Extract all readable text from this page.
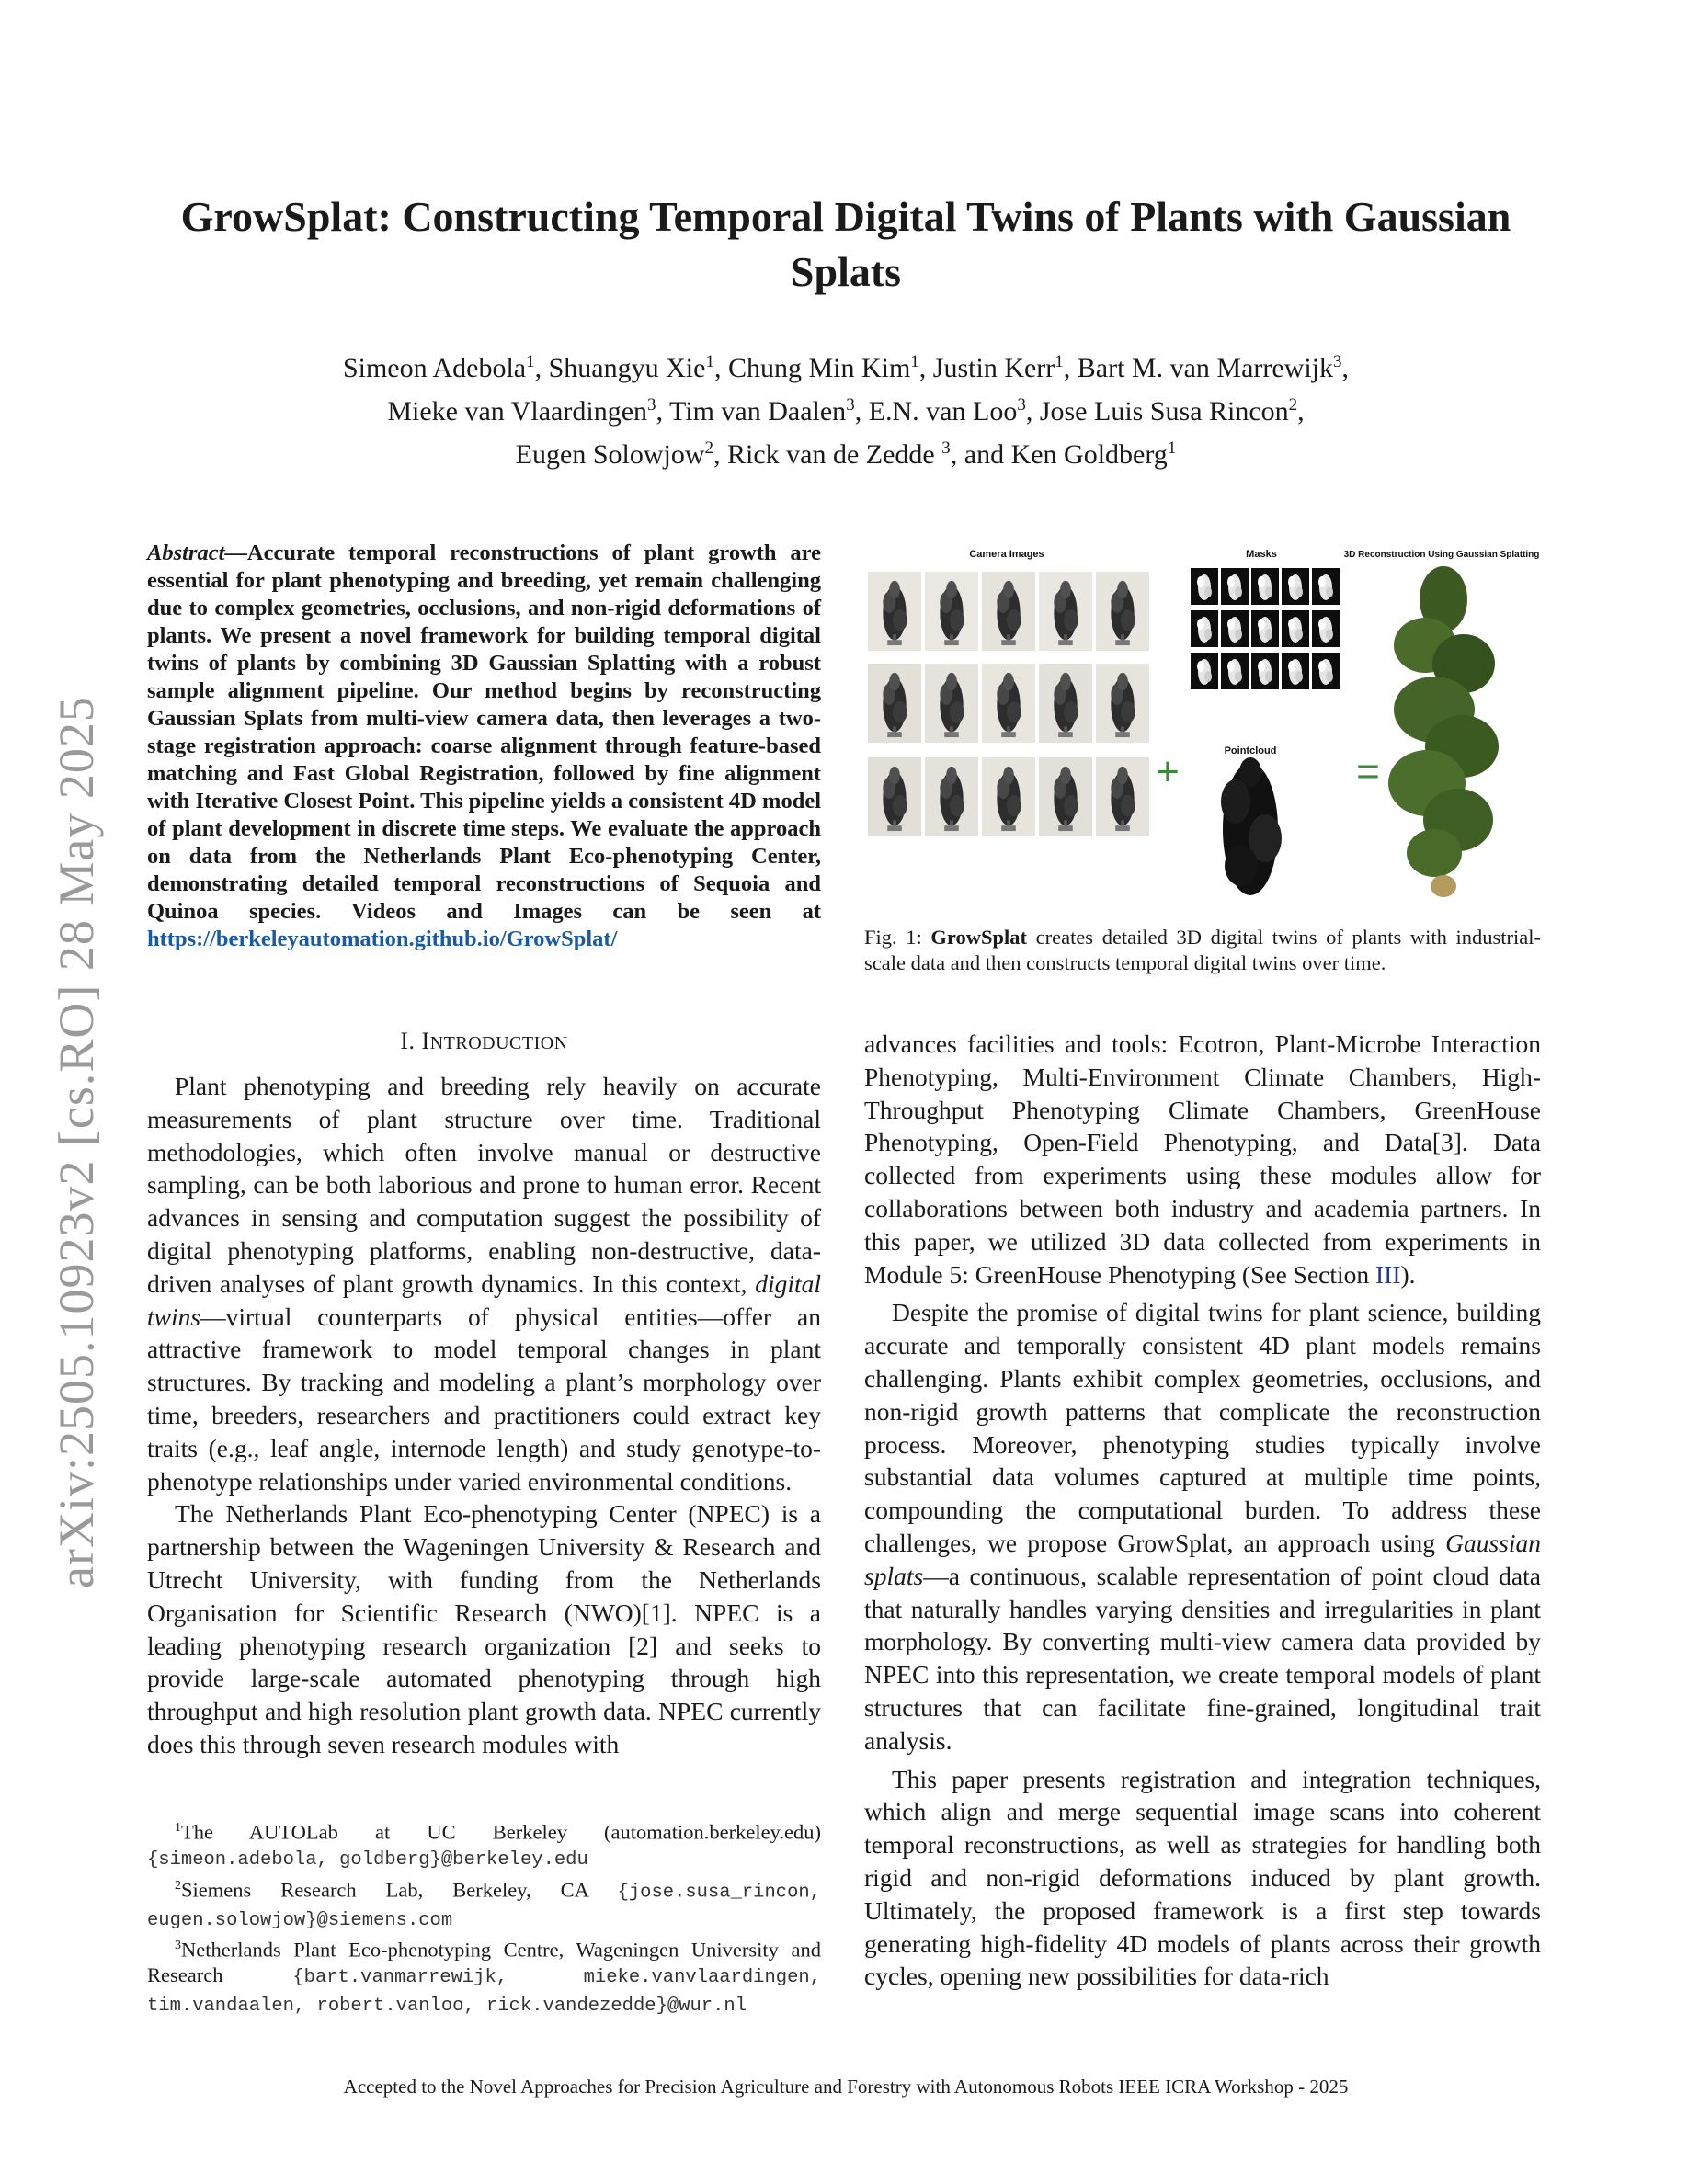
arXiv:2505.10923v2 [cs.RO] 28 May 2025
GrowSplat: Constructing Temporal Digital Twins of Plants with Gaussian Splats
Simeon Adebola$^1$, Shuangyu Xie$^1$, Chung Min Kim$^1$, Justin Kerr$^1$, Bart M. van Marrewijk$^3$,
Mieke van Vlaardingen$^3$, Tim van Daalen$^3$, E.N. van Loo$^3$, Jose Luis Susa Rincon$^2$,
Eugen Solowjow$^2$, Rick van de Zedde $^3$, and Ken Goldberg$^1$
Abstract—Accurate temporal reconstructions of plant growth are essential for plant phenotyping and breeding, yet remain challenging due to complex geometries, occlusions, and non-rigid deformations of plants. We present a novel framework for building temporal digital twins of plants by combining 3D Gaussian Splatting with a robust sample alignment pipeline. Our method begins by reconstructing Gaussian Splats from multi-view camera data, then leverages a two-stage registration approach: coarse alignment through feature-based matching and Fast Global Registration, followed by fine alignment with Iterative Closest Point. This pipeline yields a consistent 4D model of plant development in discrete time steps. We evaluate the approach on data from the Netherlands Plant Eco-phenotyping Center, demonstrating detailed temporal reconstructions of Sequoia and Quinoa species. Videos and Images can be seen at https://berkeleyautomation.github.io/GrowSplat/
Camera Images	Masks	3D Reconstruction Using Gaussian Splatting
+	Pointcloud =
Fig. 1: GrowSplat creates detailed 3D digital twins of plants with industrial-scale data and then constructs temporal digital twins over time.
I. INTRODUCTION

Plant phenotyping and breeding rely heavily on accurate measurements of plant structure over time. Traditional methodologies, which often involve manual or destructive sampling, can be both laborious and prone to human error. Recent advances in sensing and computation suggest the possibility of digital phenotyping platforms, enabling non-destructive, data-driven analyses of plant growth dynamics. In this context, digital twins—virtual counterparts of physical entities—offer an attractive framework to model temporal changes in plant structures. By tracking and modeling a plant’s morphology over time, breeders, researchers and practitioners could extract key traits (e.g., leaf angle, internode length) and study genotype-to-phenotype relationships under varied environmental conditions.

The Netherlands Plant Eco-phenotyping Center (NPEC) is a partnership between the Wageningen University & Research and Utrecht University, with funding from the Netherlands Organisation for Scientific Research (NWO)[1]. NPEC is a leading phenotyping research organization [2] and seeks to provide large-scale automated phenotyping through high throughput and high resolution plant growth data. NPEC currently does this through seven research modules with

advances facilities and tools: Ecotron, Plant-Microbe Interaction Phenotyping, Multi-Environment Climate Chambers, High-Throughput Phenotyping Climate Chambers, GreenHouse Phenotyping, Open-Field Phenotyping, and Data[3]. Data collected from experiments using these modules allow for collaborations between both industry and academia partners. In this paper, we utilized 3D data collected from experiments in Module 5: GreenHouse Phenotyping (See Section III).

Despite the promise of digital twins for plant science, building accurate and temporally consistent 4D plant models remains challenging. Plants exhibit complex geometries, occlusions, and non-rigid growth patterns that complicate the reconstruction process. Moreover, phenotyping studies typically involve substantial data volumes captured at multiple time points, compounding the computational burden. To address these challenges, we propose GrowSplat, an approach using Gaussian splats—a continuous, scalable representation of point cloud data that naturally handles varying densities and irregularities in plant morphology. By converting multi-view camera data provided by NPEC into this representation, we create temporal models of plant structures that can facilitate fine-grained, longitudinal trait analysis.

This paper presents registration and integration techniques, which align and merge sequential image scans into coherent temporal reconstructions, as well as strategies for handling both rigid and non-rigid deformations induced by plant growth. Ultimately, the proposed framework is a first step towards generating high-fidelity 4D models of plants across their growth cycles, opening new possibilities for data-rich

$^1$The AUTOLab at UC Berkeley (automation.berkeley.edu) {simeon.adebola, goldberg}@berkeley.edu

$^2$Siemens Research Lab, Berkeley, CA {jose.susa_rincon, eugen.solowjow}@siemens.com

$^3$Netherlands Plant Eco-phenotyping Centre, Wageningen University and Research {bart.vanmarrewijk, mieke.vanvlaardingen, tim.vandaalen, robert.vanloo, rick.vandezedde}@wur.nl

Accepted to the Novel Approaches for Precision Agriculture and Forestry with Autonomous Robots IEEE ICRA Workshop - 2025
